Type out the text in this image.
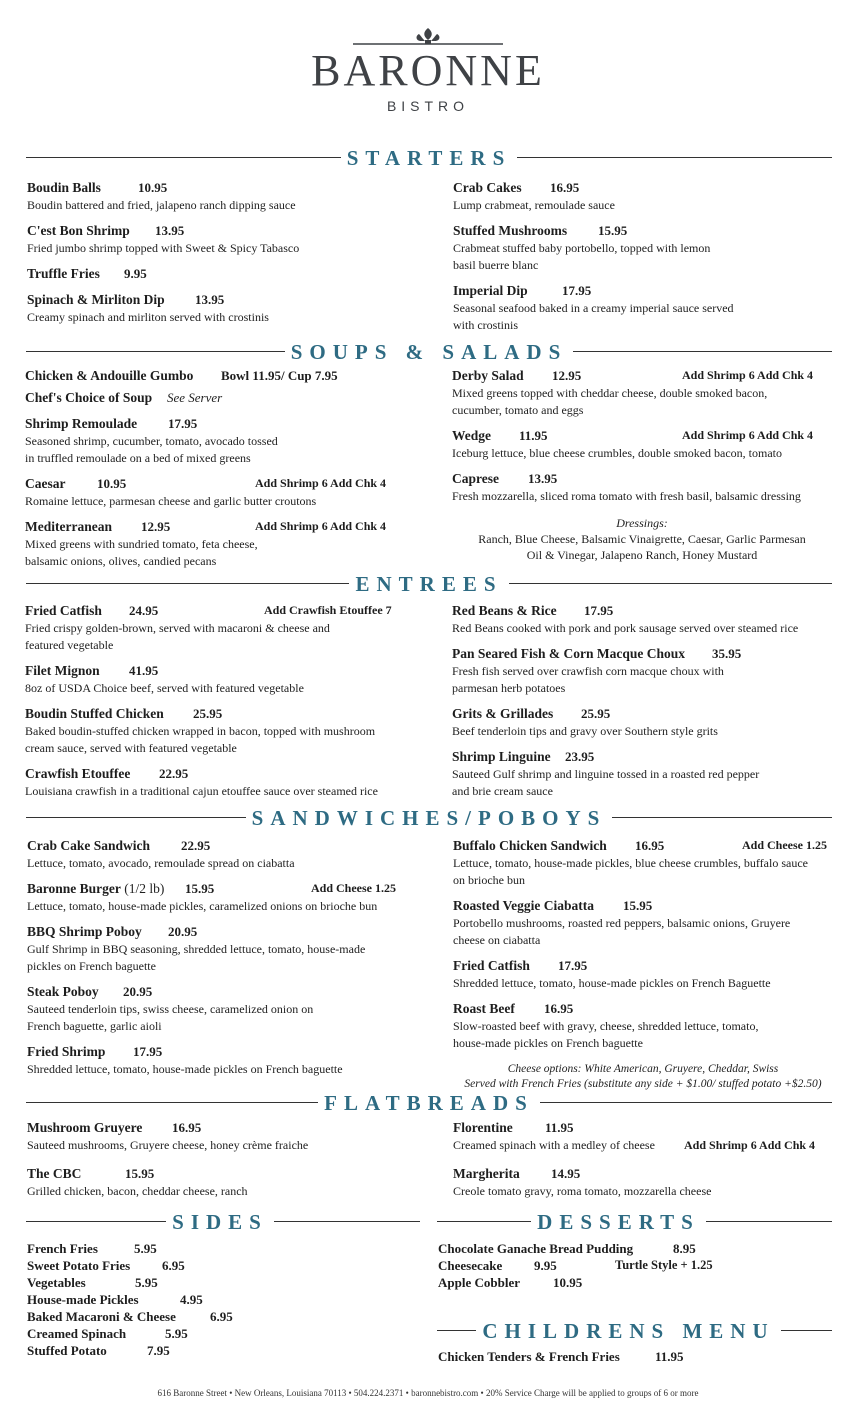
BARONNE
BISTRO
STARTERS
Boudin Balls	10.95
Boudin battered and fried, jalapeno ranch dipping sauce
C'est Bon Shrimp 13.95
Fried jumbo shrimp topped with Sweet & Spicy Tabasco
Truffle Fries 9.95
Spinach & Mirliton Dip 13.95
Creamy spinach and mirliton served with crostinis
Crab Cakes 16.95
Lump crabmeat, remoulade sauce
Stuffed Mushrooms 15.95
Crabmeat stuffed baby portobello, topped with lemon
basil buerre blanc
Imperial Dip	17.95
Seasonal seafood baked in a creamy imperial sauce served
with crostinis
SOUPS & SALADS
Chicken & Andouille Gumbo Bowl 11.95/ Cup 7.95
Chef's Choice of Soup See Server
Shrimp Remoulade 17.95
Seasoned shrimp, cucumber, tomato, avocado tossed
in truffled remoulade on a bed of mixed greens
Caesar 10.95	Add Shrimp 6 Add Chk 4
Romaine lettuce, parmesan cheese and garlic butter croutons
Mediterranean 12.95	Add Shrimp 6 Add Chk 4
Mixed greens with sundried tomato, feta cheese,
balsamic onions, olives, candied pecans
Derby Salad 12.95	Add Shrimp 6 Add Chk 4
Mixed greens topped with cheddar cheese, double smoked bacon,
cucumber, tomato and eggs
Wedge 11.95	Add Shrimp 6 Add Chk 4
Iceburg lettuce, blue cheese crumbles, double smoked bacon, tomato
Caprese 13.95
Fresh mozzarella, sliced roma tomato with fresh basil, balsamic dressing
Dressings:
Ranch, Blue Cheese, Balsamic Vinaigrette, Caesar, Garlic Parmesan
Oil & Vinegar, Jalapeno Ranch, Honey Mustard
ENTREES
Fried Catfish 24.95	Add Crawfish Etouffee 7
Fried crispy golden-brown, served with macaroni & cheese and
featured vegetable
Filet Mignon 41.95
8oz of USDA Choice beef, served with featured vegetable
Boudin Stuffed Chicken 25.95
Baked boudin-stuffed chicken wrapped in bacon, topped with mushroom
cream sauce, served with featured vegetable
Crawfish Etouffee 22.95
Louisiana crawfish in a traditional cajun etouffee sauce over steamed rice
Red Beans & Rice 17.95
Red Beans cooked with pork and pork sausage served over steamed rice
Pan Seared Fish & Corn Macque Choux 35.95
Fresh fish served over crawfish corn macque choux with
parmesan herb potatoes
Grits & Grillades 25.95
Beef tenderloin tips and gravy over Southern style grits
Shrimp Linguine 23.95
Sauteed Gulf shrimp and linguine tossed in a roasted red pepper
and brie cream sauce
SANDWICHES/POBOYS
Crab Cake Sandwich 22.95
Lettuce, tomato, avocado, remoulade spread on ciabatta
Baronne Burger (1/2 lb) 15.95	Add Cheese 1.25
Lettuce, tomato, house-made pickles, caramelized onions on brioche bun
BBQ Shrimp Poboy 20.95
Gulf Shrimp in BBQ seasoning, shredded lettuce, tomato, house-made
pickles on French baguette
Steak Poboy 20.95
Sauteed tenderloin tips, swiss cheese, caramelized onion on
French baguette, garlic aioli
Fried Shrimp 17.95
Shredded lettuce, tomato, house-made pickles on French baguette
Buffalo Chicken Sandwich 16.95	Add Cheese 1.25
Lettuce, tomato, house-made pickles, blue cheese crumbles, buffalo sauce
on brioche bun
Roasted Veggie Ciabatta 15.95
Portobello mushrooms, roasted red peppers, balsamic onions, Gruyere
cheese on ciabatta
Fried Catfish 17.95
Shredded lettuce, tomato, house-made pickles on French Baguette
Roast Beef 16.95
Slow-roasted beef with gravy, cheese, shredded lettuce, tomato,
house-made pickles on French baguette
Cheese options: White American, Gruyere, Cheddar, Swiss
Served with French Fries (substitute any side + $1.00/ stuffed potato +$2.50)
FLATBREADS
Mushroom Gruyere 16.95
Sauteed mushrooms, Gruyere cheese, honey crème fraiche
The CBC	15.95
Grilled chicken, bacon, cheddar cheese, ranch
Florentine 11.95
Creamed spinach with a medley of cheese Add Shrimp 6 Add Chk 4
Margherita 14.95
Creole tomato gravy, roma tomato, mozzarella cheese
SIDES
French Fries	5.95
Sweet Potato Fries 6.95
Vegetables	5.95
House-made Pickles	4.95
Baked Macaroni & Cheese	6.95
Creamed Spinach	5.95
Stuffed Potato	7.95
DESSERTS
Chocolate Ganache Bread Pudding	8.95
Cheesecake 9.95	Turtle Style + 1.25
Apple Cobbler	10.95
CHILDRENS MENU
Chicken Tenders & French Fries	11.95
616 Baronne Street • New Orleans, Louisiana 70113 • 504.224.2371 • baronnebistro.com • 20% Service Charge will be applied to groups of 6 or more
